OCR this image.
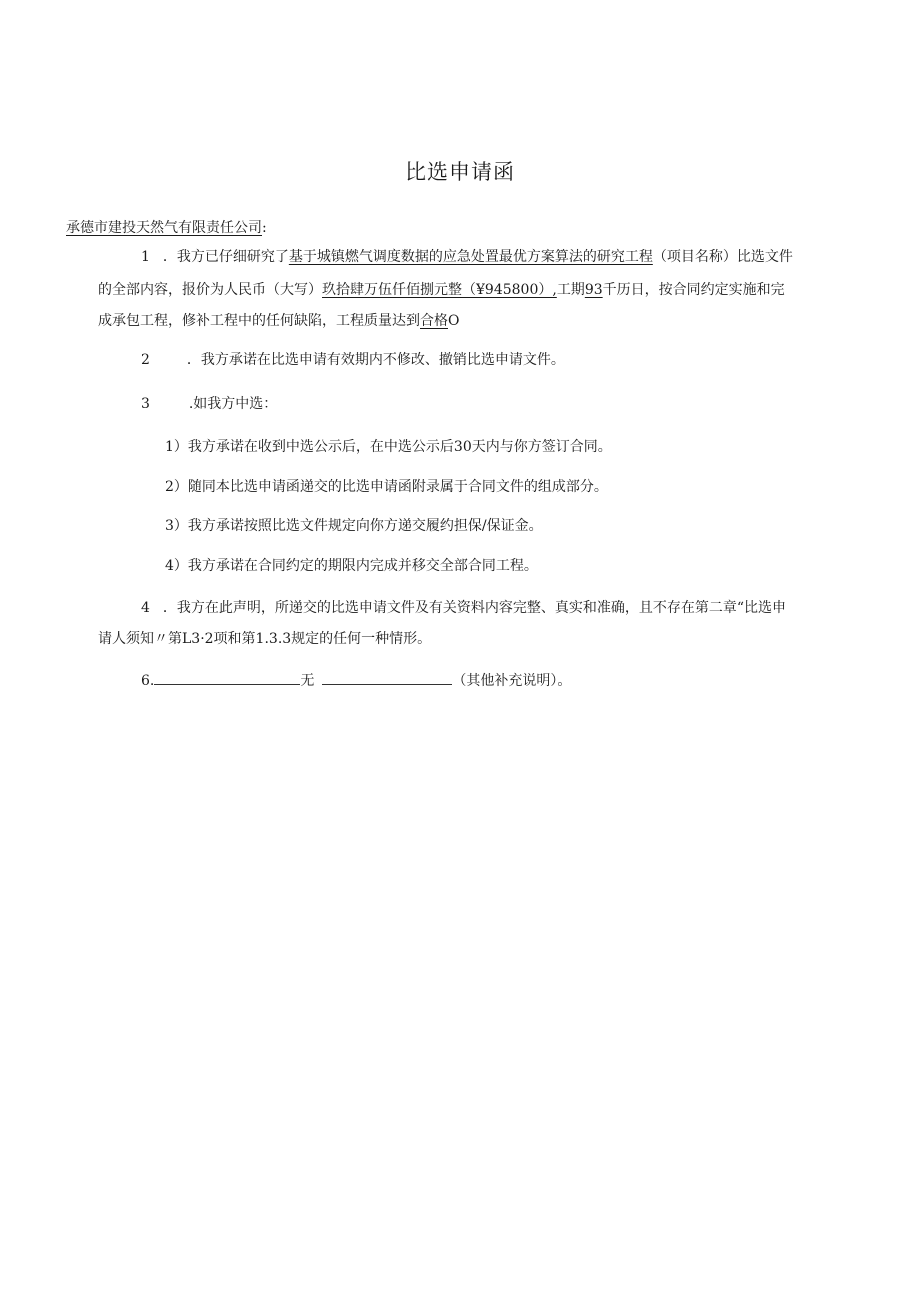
比选申请函
承德市建投天然气有限责任公司:
1 ．我方已仔细研究了基于城镇燃气调度数据的应急处置最优方案算法的研究工程（项目名称）比选文件
的全部内容，报价为人民币（大写）玖拾肆万伍仟佰捌元整（¥945800）,工期93千历日，按合同约定实施和完
成承包工程，修补工程中的任何缺陷，工程质量达到合格O
2	．我方承诺在比选申请有效期内不修改、撤销比选申请文件。
3	.如我方中选：
1）我方承诺在收到中选公示后，在中选公示后30天内与你方签订合同。
2）随同本比选申请函递交的比选申请函附录属于合同文件的组成部分。
3）我方承诺按照比选文件规定向你方递交履约担保/保证金。
4）我方承诺在合同约定的期限内完成并移交全部合同工程。
4 ．我方在此声明，所递交的比选申请文件及有关资料内容完整、真实和准确，且不存在第二章“比选申
请人须知〃第L3·2项和第1.3.3规定的任何一种情形。
6.	无	（其他补充说明）。
